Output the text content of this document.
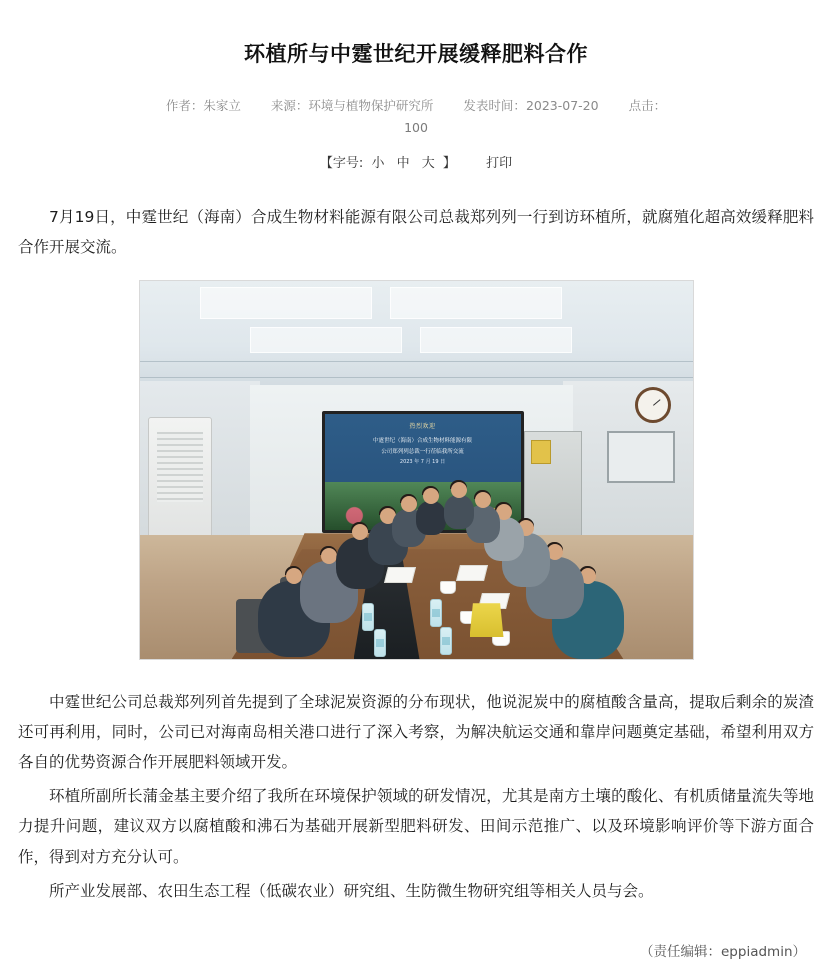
环植所与中霆世纪开展缓释肥料合作
作者：朱家立 来源：环境与植物保护研究所 发表时间：2023-07-20 点击：
100
【字号: 小 中 大 】 打印

7月19日，中霆世纪（海南）合成生物材料能源有限公司总裁郑列列一行到访环植所，就腐殖化超高效缓释肥料合作开展交流。

热烈欢迎
中霆世纪（海南）合成生物材料能源有限
公司郑列列总裁一行莅临我所交流
2023 年 7 月 19 日

中霆世纪公司总裁郑列列首先提到了全球泥炭资源的分布现状，他说泥炭中的腐植酸含量高，提取后剩余的炭渣还可再利用，同时，公司已对海南岛相关港口进行了深入考察，为解决航运交通和靠岸问题奠定基础，希望利用双方各自的优势资源合作开展肥料领域开发。

环植所副所长蒲金基主要介绍了我所在环境保护领域的研发情况，尤其是南方土壤的酸化、有机质储量流失等地力提升问题，建议双方以腐植酸和沸石为基础开展新型肥料研发、田间示范推广、以及环境影响评价等下游方面合作，得到对方充分认可。

所产业发展部、农田生态工程（低碳农业）研究组、生防微生物研究组等相关人员与会。

（责任编辑：eppiadmin）
